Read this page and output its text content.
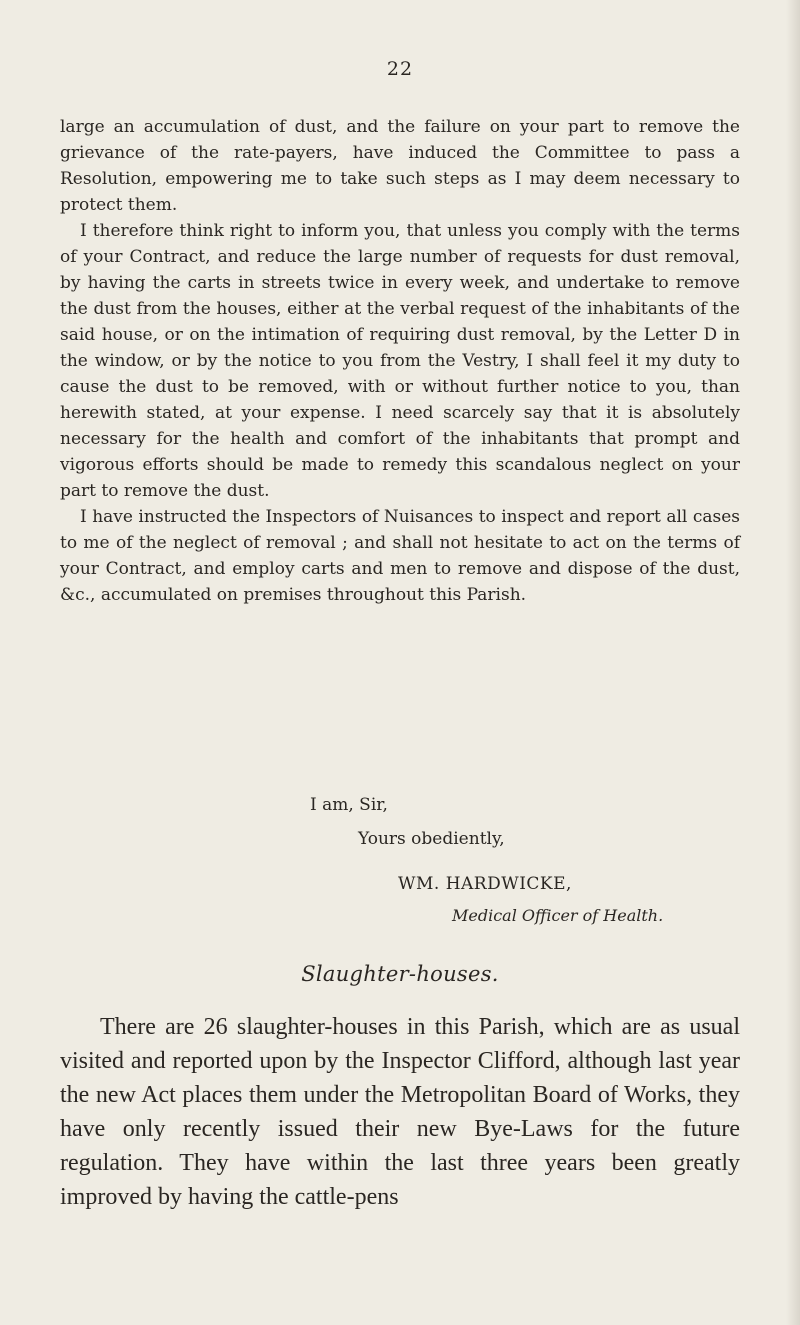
22

large an accumulation of dust, and the failure on your part to remove the grievance of the rate-payers, have induced the Committee to pass a Resolution, empowering me to take such steps as I may deem necessary to protect them.

I therefore think right to inform you, that unless you comply with the terms of your Contract, and reduce the large number of requests for dust removal, by having the carts in streets twice in every week, and undertake to remove the dust from the houses, either at the verbal request of the inhabitants of the said house, or on the intimation of requiring dust removal, by the Letter D in the window, or by the notice to you from the Vestry, I shall feel it my duty to cause the dust to be removed, with or without further notice to you, than herewith stated, at your expense. I need scarcely say that it is absolutely necessary for the health and comfort of the inhabitants that prompt and vigorous efforts should be made to remedy this scandalous neglect on your part to remove the dust.

I have instructed the Inspectors of Nuisances to inspect and report all cases to me of the neglect of removal ; and shall not hesitate to act on the terms of your Contract, and employ carts and men to remove and dispose of the dust, &c., accumulated on premises throughout this Parish.

I am, Sir,
Yours obediently,
WM. HARDWICKE,
Medical Officer of Health.
Slaughter-houses.

There are 26 slaughter-houses in this Parish, which are as usual visited and reported upon by the Inspector Clifford, although last year the new Act places them under the Metropolitan Board of Works, they have only recently issued their new Bye-Laws for the future regulation. They have within the last three years been greatly improved by having the cattle-pens
